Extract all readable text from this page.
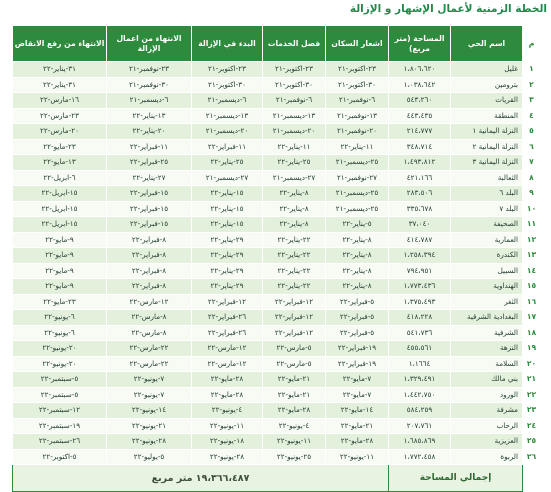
الخطة الزمنية لأعمال الإشهار و الإزالة
م	اسم الحي	المساحة (متر مربع)	اشعار السكان	فصل الخدمات	البدء في الإزالة	الانتهاء من اعمال الإزالة	الانتهاء من رفع الانقاض
١	غليل	١،٨٠٦،٦٢٠	٢٣-اكتوبر-٢١	٢٣-اكتوبر-٢١	٢٣-اكتوبر-٢١	٢٣-نوفمبر-٢١	٣١-يناير-٢٢
٢	بترومين	١،٠٣٨،٦٤٢	٣٠-اكتوبر-٢١	٣٠-اكتوبر-٢١	٣٠-اكتوبر-٢١	٣٠-نوفمبر-٢١	٣١-يناير-٢٢
٣	القريات	٥٤٣،٢٦٠	٦-نوفمبر-٢١	٦-نوفمبر-٢١	٦-ديسمبر-٢١	٦-ديسمبر-٢١	١٦-مارس-٢٢
٤	المنطقة	٤٤٣،٤٣٥	١٣-نوفمبر-٢١	١٣-ديسمبر-٢١	١٣-ديسمبر-٢١	١٣-يناير-٢٢	٢٣-مارس-٢٢
٥	النزلة اليمانية ١	٢١٤،٧٧٧	٢٠-نوفمبر-٢١	٢٠-ديسمبر-٢١	٢٠-ديسمبر-٢١	٢٠-يناير-٢٢	٢٠-مارس-٢٢
٦	النزلة اليمانية ٢	٣٤٨،٧١٤	١١-يناير-٢٢	١١-يناير-٢٢	١١-فبراير-٢٢	١١-فبراير-٢٢	٢٣-مايو-٢٢
٧	النزلة اليمانية ٣	١،٤٩٣،٨١٢	٢٥-ديسمبر-٢١	٢٥-يناير-٢٢	٢٥-يناير-٢٢	٢٥-فبراير-٢٢	١٣-مايو-٢٢
٨	الثعالبة	٤٢١،١٦٦	٢٧-نوفمبر-٢١	٢٧-ديسمبر-٢١	٢٧-ديسمبر-٢١	٢٧-يناير-٢٢	٦-ابريل-٢٢
٩	البلد ٦	٢٨٣،٥٠٦	٢٥-ديسمبر-٢١	٨-يناير-٢٢	١٥-يناير-٢٢	١٥-فبراير-٢٢	١٥-ابريل-٢٢
١٠	البلد ٧	٣٣٥،٦٧٨	٢٥-ديسمبر-٢١	٨-يناير-٢٢	١٥-يناير-٢٢	١٥-فبراير-٢٢	١٥-ابريل-٢٢
١١	الصحيفة	٣٧،٠٤٠	٥-يناير-٢٢	٨-يناير-٢٢	١٥-يناير-٢٢	١٥-فبراير-٢٢	١٥-ابريل-٢٢
١٢	العمارية	٤١٤،٧٨٧	٨-يناير-٢٢	٢٢-يناير-٢٢	٢٩-يناير-٢٢	٨-فبراير-٢٢	٩-مايو-٢٢
١٣	الكندرة	١،٢٥٨،٣٩٤	٨-يناير-٢٢	٢٢-يناير-٢٢	٢٩-يناير-٢٢	٨-فبراير-٢٢	٩-مايو-٢٢
١٤	السبيل	٧٩٤،٩٥١	٨-يناير-٢٢	٢٢-يناير-٢٢	٢٩-يناير-٢٢	٨-فبراير-٢٢	٩-مايو-٢٢
١٥	الهنداوية	١،٧٧٣،٤٣٦	٨-يناير-٢٢	٢٢-يناير-٢٢	٢٩-يناير-٢٢	٨-فبراير-٢٢	٩-مايو-٢٢
١٦	الثغر	١،٣٧٥،٤٩٣	٥-فبراير-٢٢	١٢-فبراير-٢٢	١٢-فبراير-٢٢	١٢-مارس-٢٢	٢٣-مايو-٢٢
١٧	البغدادية الشرقية	٤١٨،٢٢٨	٥-فبراير-٢٢	١٢-فبراير-٢٢	٢٦-فبراير-٢٢	٨-مارس-٢٢	٦-يونيو-٢٢
١٨	الشرفية	٥٤١،٧٣٦	٥-فبراير-٢٢	١٢-فبراير-٢٢	٢٦-فبراير-٢٢	٨-مارس-٢٢	٦-يونيو-٢٢
١٩	النزهة	٤٥٥،٥٦١	١٩-فبراير-٢٢	٥-مارس-٢٢	١٢-مارس-٢٢	٢٢-مارس-٢٢	٢٠-يونيو-٢٢
٢٠	السلامة	١،١٦٦٤	١٩-فبراير-٢٢	٥-مارس-٢٢	١٢-مارس-٢٢	٢٢-مارس-٢٢	٢٠-يونيو-٢٢
٢١	بني مالك	١،٣٢٩،٤٩١	٧-مايو-٢٢	٢١-مايو-٢٢	٢٨-مايو-٢٢	٧-يونيو-٢٢	٥-سبتمبر-٢٢
٢٢	الورود	١،٤٤٢،٧٥٠	٧-مايو-٢٢	٢١-مايو-٢٢	٢٨-مايو-٢٢	٧-يونيو-٢٢	٥-سبتمبر-٢٢
٢٣	مشرفة	٥٨٤،٢٥٩	١٤-مايو-٢٢	٢٨-مايو-٢٢	٤-يونيو-٢٢	١٤-يونيو-٢٢	١٢-سبتمبر-٢٢
٢٤	الرحاب	٢٠٧،٧٦١	٢١-مايو-٢٢	٤-يونيو-٢٢	١١-يونيو-٢٢	٢١-يونيو-٢٢	١٩-سبتمبر-٢٢
٢٥	العزيزية	١،٦٨٥،٨٦٩	٢٨-مايو-٢٢	١١-يونيو-٢٢	١٨-يونيو-٢٢	٢٨-يونيو-٢٢	٢٦-سبتمبر-٢٢
٢٦	الربوة	١،٧٧٢،٤٥٨	١١-يونيو-٢٢	٢٥-يونيو-٢٢	٢٨-يونيو-٢٢	٥-يوليو-٢٢	٥-اكتوبر-٢٢
	إجمالي المساحة		١٩،٣٦٦،٤٨٧ متر مربع				
